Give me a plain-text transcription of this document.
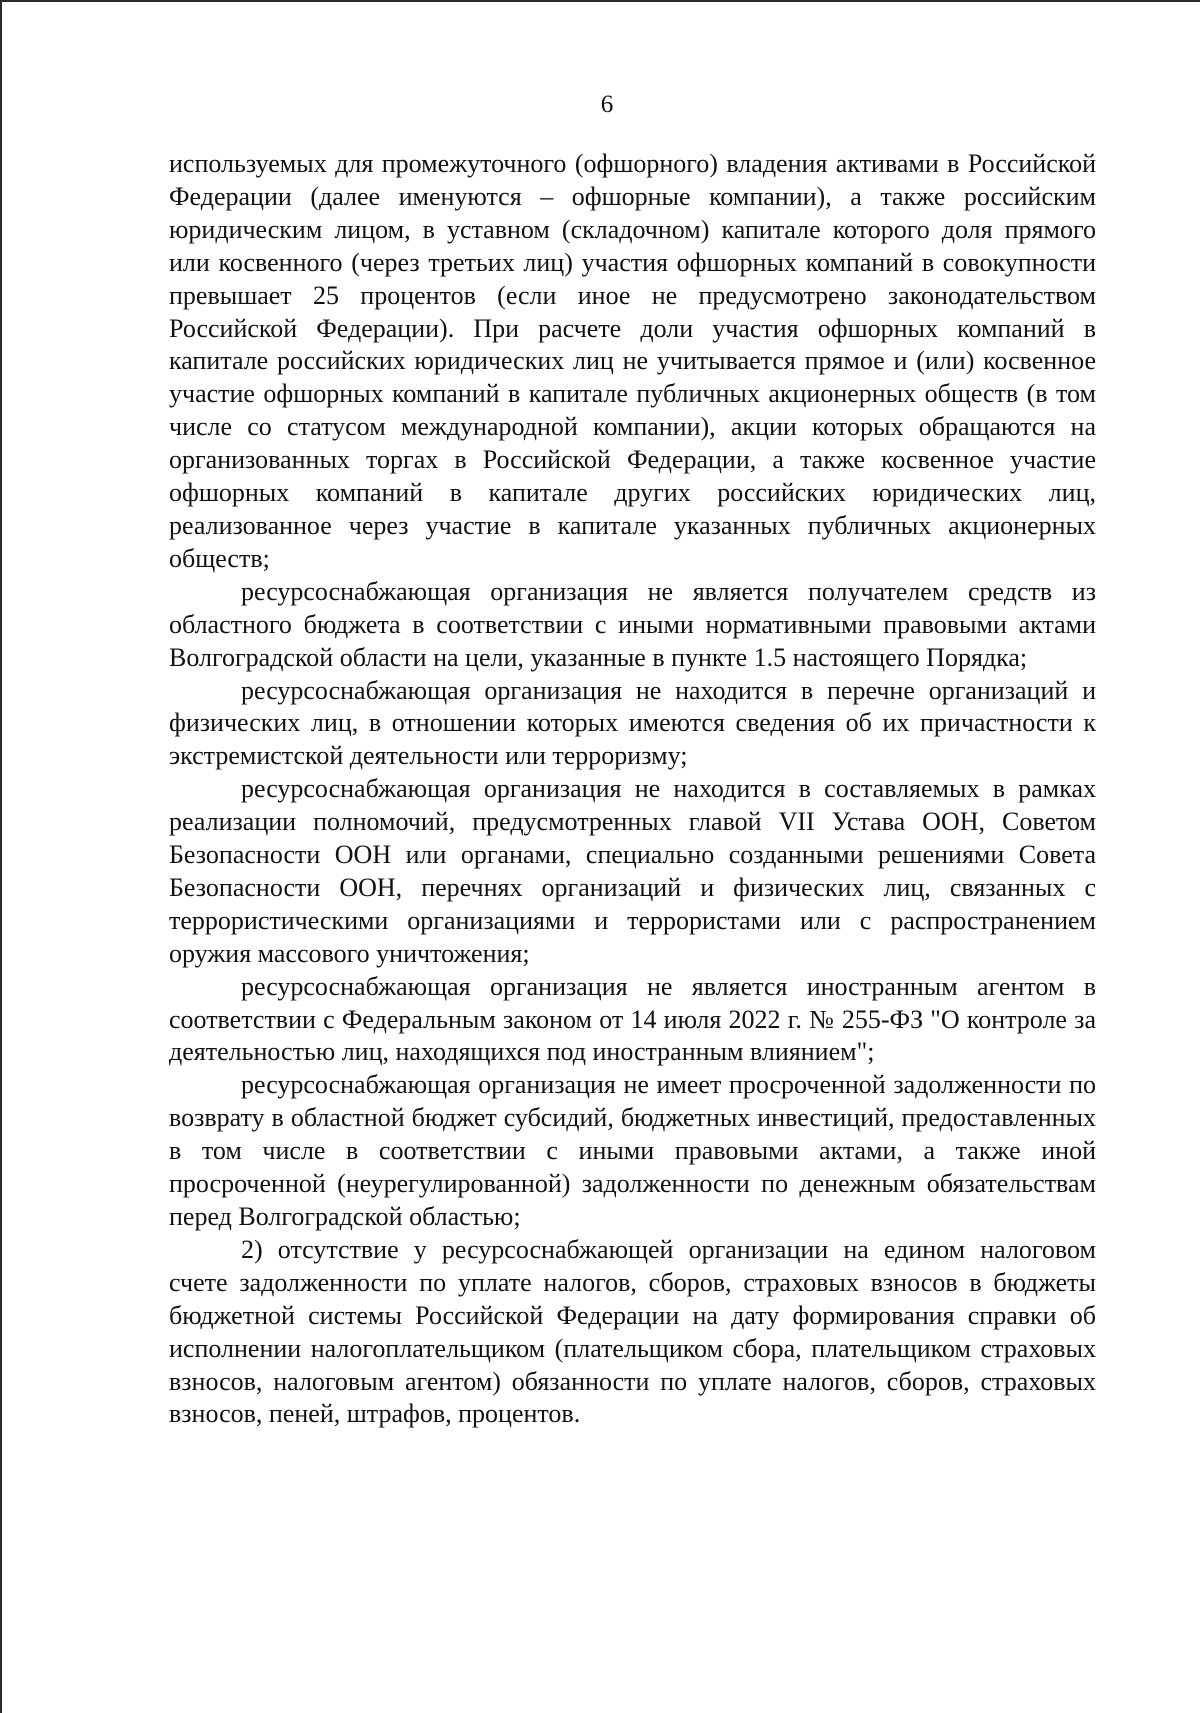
6

используемых для промежуточного (офшорного) владения активами в Российской Федерации (далее именуются – офшорные компании), а также российским юридическим лицом, в уставном (складочном) капитале которого доля прямого или косвенного (через третьих лиц) участия офшорных компаний в совокупности превышает 25 процентов (если иное не предусмотрено законодательством Российской Федерации). При расчете доли участия офшорных компаний в капитале российских юридических лиц не учитывается прямое и (или) косвенное участие офшорных компаний в капитале публичных акционерных обществ (в том числе со статусом международной компании), акции которых обращаются на организованных торгах в Российской Федерации, а также косвенное участие офшорных компаний в капитале других российских юридических лиц, реализованное через участие в капитале указанных публичных акционерных обществ;

ресурсоснабжающая организация не является получателем средств из областного бюджета в соответствии с иными нормативными правовыми актами Волгоградской области на цели, указанные в пункте 1.5 настоящего Порядка;

ресурсоснабжающая организация не находится в перечне организаций и физических лиц, в отношении которых имеются сведения об их причастности к экстремистской деятельности или терроризму;

ресурсоснабжающая организация не находится в составляемых в рамках реализации полномочий, предусмотренных главой VII Устава ООН, Советом Безопасности ООН или органами, специально созданными решениями Совета Безопасности ООН, перечнях организаций и физических лиц, связанных с террористическими организациями и террористами или с распространением оружия массового уничтожения;

ресурсоснабжающая организация не является иностранным агентом в соответствии с Федеральным законом от 14 июля 2022 г. № 255-ФЗ "О контроле за деятельностью лиц, находящихся под иностранным влиянием";

ресурсоснабжающая организация не имеет просроченной задолженности по возврату в областной бюджет субсидий, бюджетных инвестиций, предоставленных в том числе в соответствии с иными правовыми актами, а также иной просроченной (неурегулированной) задолженности по денежным обязательствам перед Волгоградской областью;

2) отсутствие у ресурсоснабжающей организации на едином налоговом счете задолженности по уплате налогов, сборов, страховых взносов в бюджеты бюджетной системы Российской Федерации на дату формирования справки об исполнении налогоплательщиком (плательщиком сбора, плательщиком страховых взносов, налоговым агентом) обязанности по уплате налогов, сборов, страховых взносов, пеней, штрафов, процентов.
